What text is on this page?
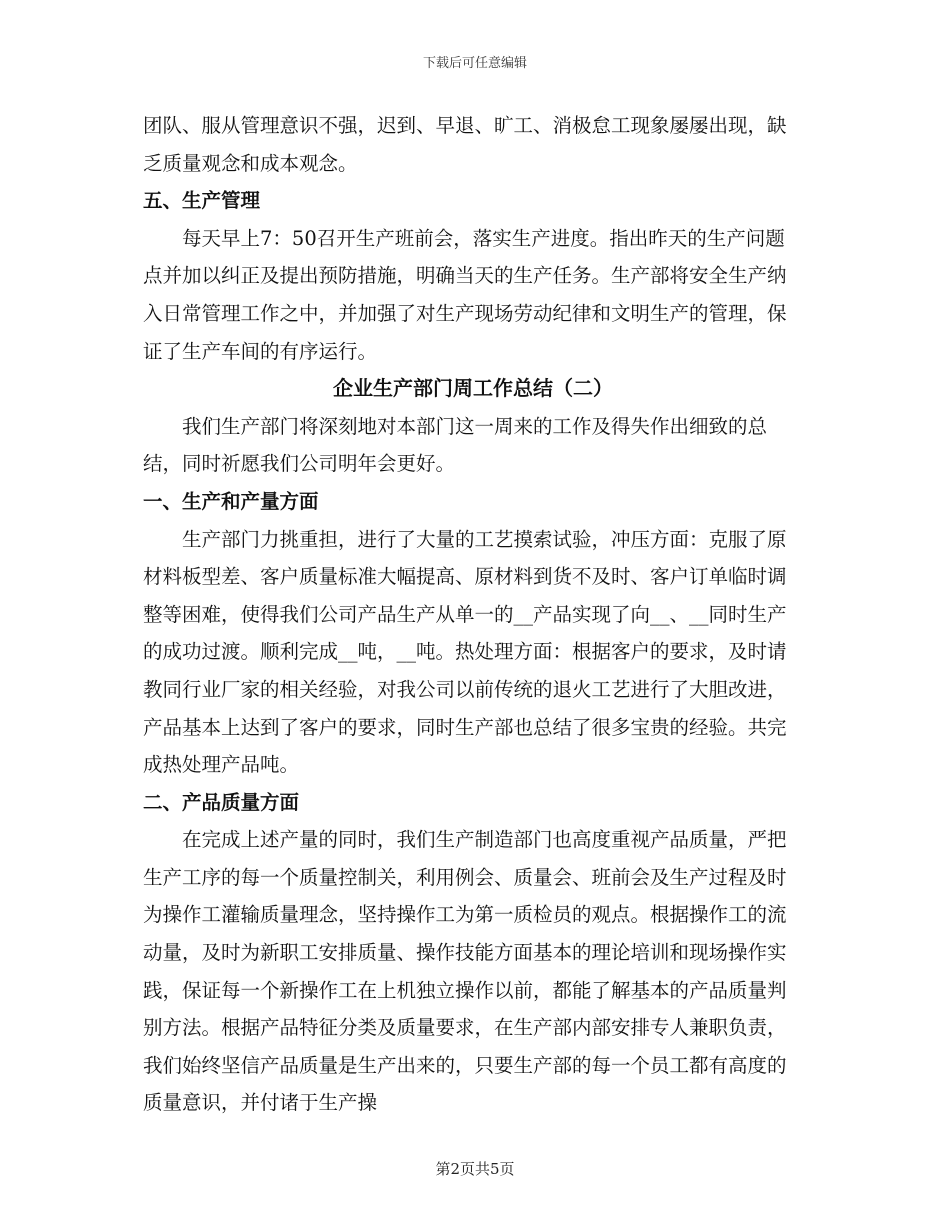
下载后可任意编辑

团队、服从管理意识不强，迟到、早退、旷工、消极怠工现象屡屡出现，缺乏质量观念和成本观念。

五、生产管理

每天早上7：50召开生产班前会，落实生产进度。指出昨天的生产问题点并加以纠正及提出预防措施，明确当天的生产任务。生产部将安全生产纳入日常管理工作之中，并加强了对生产现场劳动纪律和文明生产的管理，保证了生产车间的有序运行。

企业生产部门周工作总结（二）

我们生产部门将深刻地对本部门这一周来的工作及得失作出细致的总结，同时祈愿我们公司明年会更好。

一、生产和产量方面

生产部门力挑重担，进行了大量的工艺摸索试验，冲压方面：克服了原材料板型差、客户质量标准大幅提高、原材料到货不及时、客户订单临时调整等困难，使得我们公司产品生产从单一的__产品实现了向__、__同时生产的成功过渡。顺利完成__吨，__吨。热处理方面：根据客户的要求，及时请教同行业厂家的相关经验，对我公司以前传统的退火工艺进行了大胆改进，产品基本上达到了客户的要求，同时生产部也总结了很多宝贵的经验。共完成热处理产品吨。

二、产品质量方面

在完成上述产量的同时，我们生产制造部门也高度重视产品质量，严把生产工序的每一个质量控制关，利用例会、质量会、班前会及生产过程及时为操作工灌输质量理念，坚持操作工为第一质检员的观点。根据操作工的流动量，及时为新职工安排质量、操作技能方面基本的理论培训和现场操作实践，保证每一个新操作工在上机独立操作以前，都能了解基本的产品质量判别方法。根据产品特征分类及质量要求，在生产部内部安排专人兼职负责，我们始终坚信产品质量是生产出来的，只要生产部的每一个员工都有高度的质量意识，并付诸于生产操

第2页共5页
